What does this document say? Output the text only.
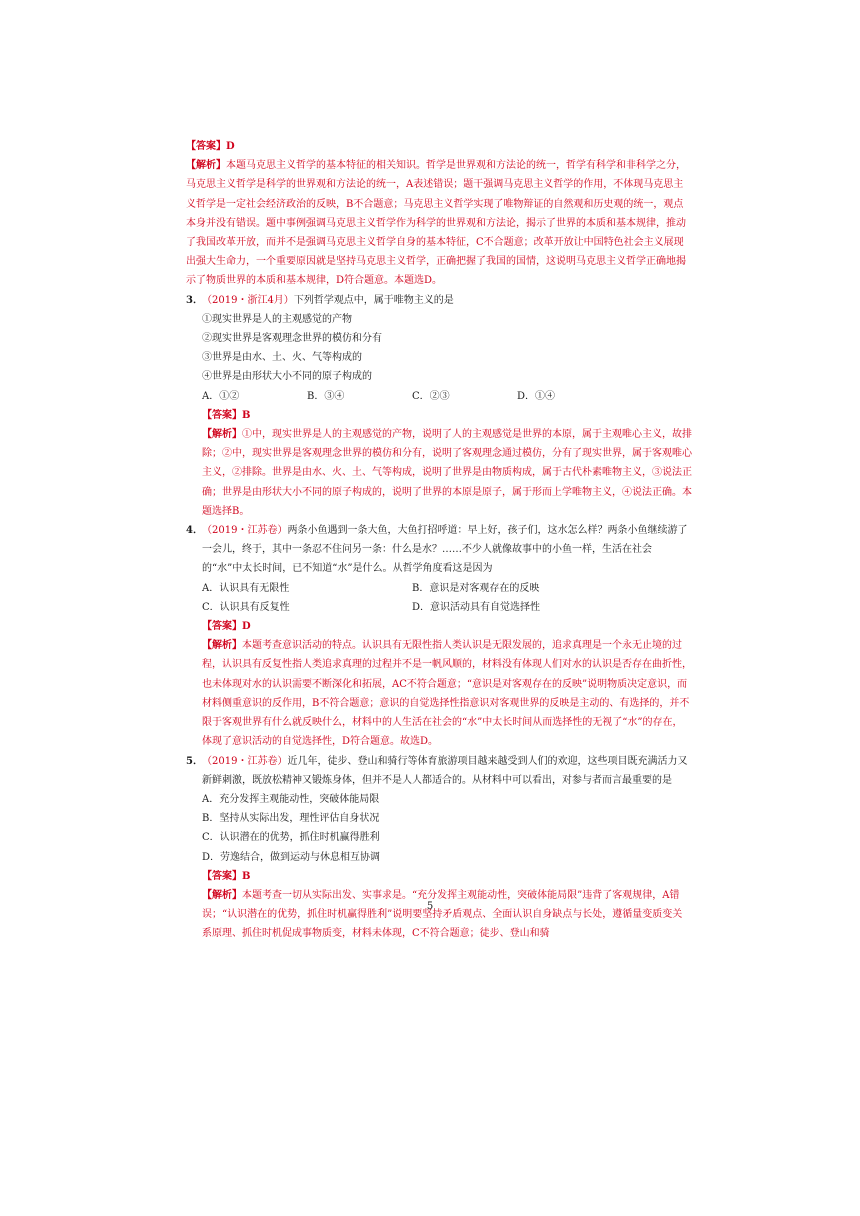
【答案】D

【解析】本题马克思主义哲学的基本特征的相关知识。哲学是世界观和方法论的统一，哲学有科学和非科学之分，马克思主义哲学是科学的世界观和方法论的统一，A表述错误；题干强调马克思主义哲学的作用，不体现马克思主义哲学是一定社会经济政治的反映，B不合题意；马克思主义哲学实现了唯物辩证的自然观和历史观的统一，观点本身并没有错误。题中事例强调马克思主义哲学作为科学的世界观和方法论，揭示了世界的本质和基本规律，推动了我国改革开放，而并不是强调马克思主义哲学自身的基本特征，C不合题意；改革开放让中国特色社会主义展现出强大生命力，一个重要原因就是坚持马克思主义哲学，正确把握了我国的国情，这说明马克思主义哲学正确地揭示了物质世界的本质和基本规律，D符合题意。本题选D。

3． （2019・浙江4月）下列哲学观点中，属于唯物主义的是
①现实世界是人的主观感觉的产物
②现实世界是客观理念世界的模仿和分有
③世界是由水、土、火、气等构成的
④世界是由形状大小不同的原子构成的
A．①②	B．③④	C．②③	D．①④

【答案】B

【解析】①中，现实世界是人的主观感觉的产物，说明了人的主观感觉是世界的本原，属于主观唯心主义，故排除；②中，现实世界是客观理念世界的模仿和分有，说明了客观理念通过模仿，分有了现实世界，属于客观唯心主义，②排除。世界是由水、火、土、气等构成，说明了世界是由物质构成，属于古代朴素唯物主义，③说法正确；世界是由形状大小不同的原子构成的，说明了世界的本原是原子，属于形而上学唯物主义，④说法正确。本题选择B。

4． （2019・江苏卷）两条小鱼遇到一条大鱼，大鱼打招呼道：早上好，孩子们，这水怎么样？两条小鱼继续游了一会儿，终于，其中一条忍不住问另一条：什么是水？……不少人就像故事中的小鱼一样，生活在社会的“水”中太长时间，已不知道“水”是什么。从哲学角度看这是因为
A．认识具有无限性	B．意识是对客观存在的反映
C．认识具有反复性	D．意识活动具有自觉选择性

【答案】D

【解析】本题考查意识活动的特点。认识具有无限性指人类认识是无限发展的，追求真理是一个永无止境的过程，认识具有反复性指人类追求真理的过程并不是一帆风顺的，材料没有体现人们对水的认识是否存在曲折性，也未体现对水的认识需要不断深化和拓展，AC不符合题意；“意识是对客观存在的反映”说明物质决定意识，而材料侧重意识的反作用，B不符合题意；意识的自觉选择性指意识对客观世界的反映是主动的、有选择的，并不限于客观世界有什么就反映什么，材料中的人生活在社会的“水”中太长时间从而选择性的无视了“水”的存在，体现了意识活动的自觉选择性，D符合题意。故选D。

5． （2019・江苏卷）近几年，徒步、登山和骑行等体育旅游项目越来越受到人们的欢迎，这些项目既充满活力又新鲜刺激，既放松精神又锻炼身体，但并不是人人都适合的。从材料中可以看出，对参与者而言最重要的是
A．充分发挥主观能动性，突破体能局限
B．坚持从实际出发，理性评估自身状况
C．认识潜在的优势，抓住时机赢得胜利
D．劳逸结合，做到运动与休息相互协调

【答案】B

【解析】本题考查一切从实际出发、实事求是。“充分发挥主观能动性，突破体能局限”违背了客观规律，A错误；“认识潜在的优势，抓住时机赢得胜利”说明要坚持矛盾观点、全面认识自身缺点与长处，遵循量变质变关系原理、抓住时机促成事物质变，材料未体现，C不符合题意；徒步、登山和骑

5
